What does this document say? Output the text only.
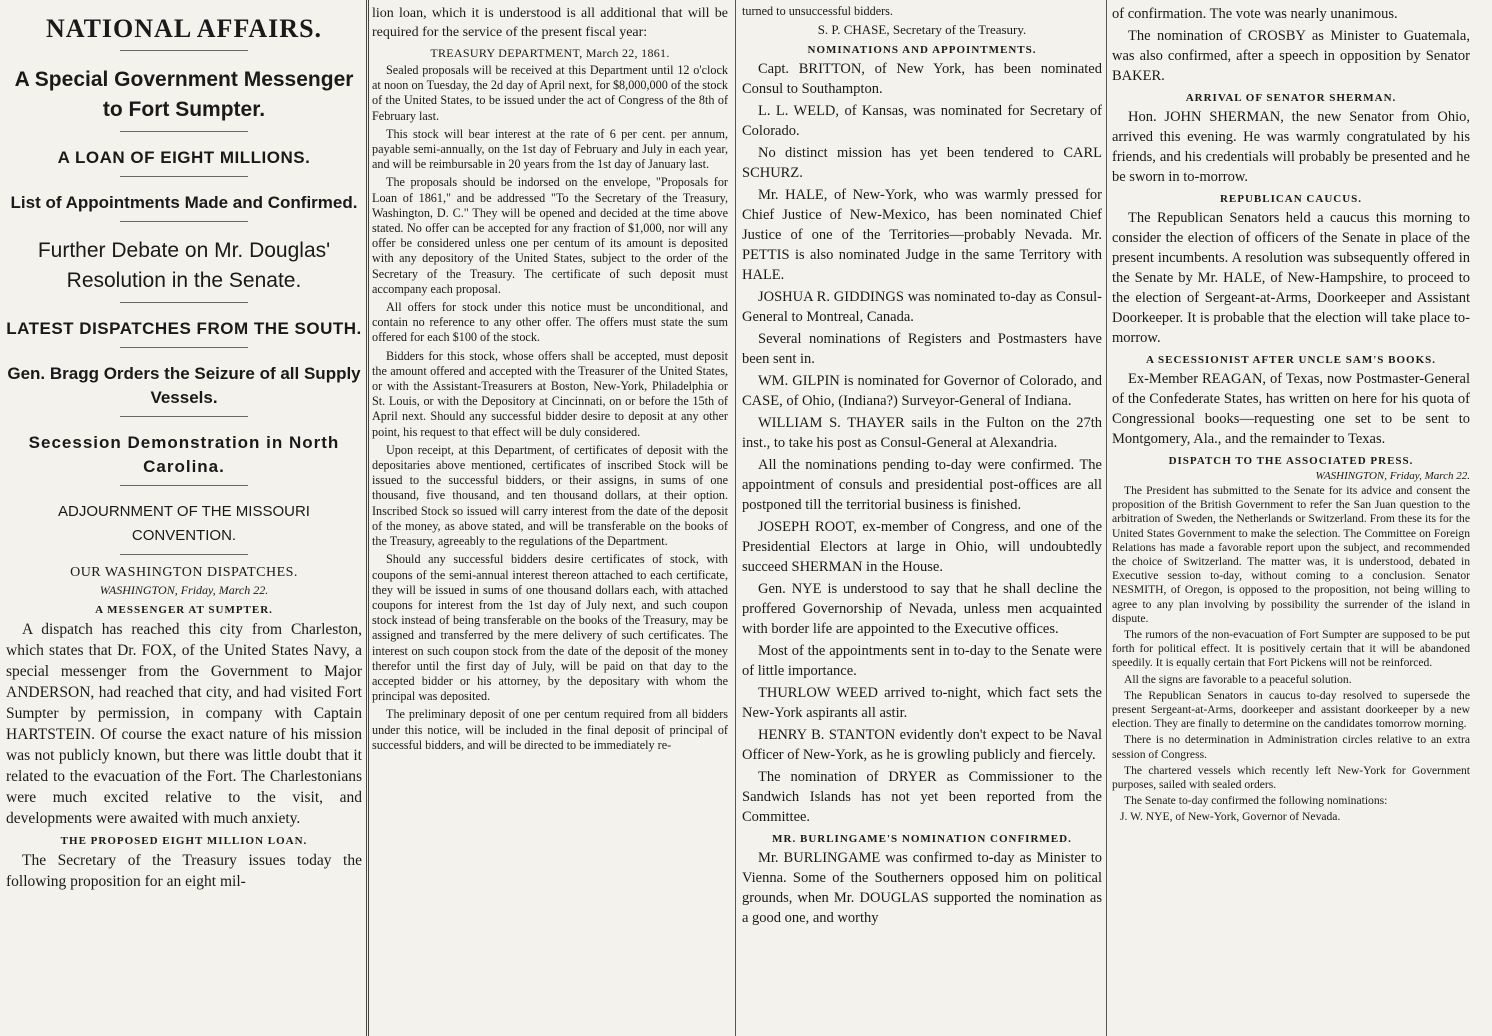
NATIONAL AFFAIRS.
A Special Government Messenger to Fort Sumpter.
A LOAN OF EIGHT MILLIONS.
List of Appointments Made and Confirmed.
Further Debate on Mr. Douglas' Resolution in the Senate.
LATEST DISPATCHES FROM THE SOUTH.
Gen. Bragg Orders the Seizure of all Supply Vessels.
Secession Demonstration in North Carolina.
ADJOURNMENT OF THE MISSOURI CONVENTION.
OUR WASHINGTON DISPATCHES.
WASHINGTON, Friday, March 22.
A MESSENGER AT SUMPTER.

A dispatch has reached this city from Charleston, which states that Dr. FOX, of the United States Navy, a special messenger from the Government to Major ANDERSON, had reached that city, and had visited Fort Sumpter by permission, in company with Captain HARTSTEIN. Of course the exact nature of his mission was not publicly known, but there was little doubt that it related to the evacuation of the Fort. The Charlestonians were much excited relative to the visit, and developments were awaited with much anxiety.

THE PROPOSED EIGHT MILLION LOAN.

The Secretary of the Treasury issues today the following proposition for an eight mil-

lion loan, which it is understood is all additional that will be required for the service of the present fiscal year:

TREASURY DEPARTMENT, March 22, 1861.

Sealed proposals will be received at this Department until 12 o'clock at noon on Tuesday, the 2d day of April next, for $8,000,000 of the stock of the United States, to be issued under the act of Congress of the 8th of February last.

This stock will bear interest at the rate of 6 per cent. per annum, payable semi-annually, on the 1st day of February and July in each year, and will be reimbursable in 20 years from the 1st day of January last.

The proposals should be indorsed on the envelope, "Proposals for Loan of 1861," and be addressed "To the Secretary of the Treasury, Washington, D. C." They will be opened and decided at the time above stated. No offer can be accepted for any fraction of $1,000, nor will any offer be considered unless one per centum of its amount is deposited with any depository of the United States, subject to the order of the Secretary of the Treasury. The certificate of such deposit must accompany each proposal.

All offers for stock under this notice must be unconditional, and contain no reference to any other offer. The offers must state the sum offered for each $100 of the stock.

Bidders for this stock, whose offers shall be accepted, must deposit the amount offered and accepted with the Treasurer of the United States, or with the Assistant-Treasurers at Boston, New-York, Philadelphia or St. Louis, or with the Depository at Cincinnati, on or before the 15th of April next. Should any successful bidder desire to deposit at any other point, his request to that effect will be duly considered.

Upon receipt, at this Department, of certificates of deposit with the depositaries above mentioned, certificates of inscribed Stock will be issued to the successful bidders, or their assigns, in sums of one thousand, five thousand, and ten thousand dollars, at their option. Inscribed Stock so issued will carry interest from the date of the deposit of the money, as above stated, and will be transferable on the books of the Treasury, agreeably to the regulations of the Department.

Should any successful bidders desire certificates of stock, with coupons of the semi-annual interest thereon attached to each certificate, they will be issued in sums of one thousand dollars each, with attached coupons for interest from the 1st day of July next, and such coupon stock instead of being transferable on the books of the Treasury, may be assigned and transferred by the mere delivery of such certificates. The interest on such coupon stock from the date of the deposit of the money therefor until the first day of July, will be paid on that day to the accepted bidder or his attorney, by the depositary with whom the principal was deposited.

The preliminary deposit of one per centum required from all bidders under this notice, will be included in the final deposit of principal of successful bidders, and will be directed to be immediately re-

turned to unsuccessful bidders.

S. P. CHASE, Secretary of the Treasury.
NOMINATIONS AND APPOINTMENTS.

Capt. BRITTON, of New York, has been nominated Consul to Southampton.

L. L. WELD, of Kansas, was nominated for Secretary of Colorado.

No distinct mission has yet been tendered to CARL SCHURZ.

Mr. HALE, of New-York, who was warmly pressed for Chief Justice of New-Mexico, has been nominated Chief Justice of one of the Territories—probably Nevada. Mr. PETTIS is also nominated Judge in the same Territory with HALE.

JOSHUA R. GIDDINGS was nominated to-day as Consul-General to Montreal, Canada.

Several nominations of Registers and Postmasters have been sent in.

WM. GILPIN is nominated for Governor of Colorado, and CASE, of Ohio, (Indiana?) Surveyor-General of Indiana.

WILLIAM S. THAYER sails in the Fulton on the 27th inst., to take his post as Consul-General at Alexandria.

All the nominations pending to-day were confirmed. The appointment of consuls and presidential post-offices are all postponed till the territorial business is finished.

JOSEPH ROOT, ex-member of Congress, and one of the Presidential Electors at large in Ohio, will undoubtedly succeed SHERMAN in the House.

Gen. NYE is understood to say that he shall decline the proffered Governorship of Nevada, unless men acquainted with border life are appointed to the Executive offices.

Most of the appointments sent in to-day to the Senate were of little importance.

THURLOW WEED arrived to-night, which fact sets the New-York aspirants all astir.

HENRY B. STANTON evidently don't expect to be Naval Officer of New-York, as he is growling publicly and fiercely.

The nomination of DRYER as Commissioner to the Sandwich Islands has not yet been reported from the Committee.

MR. BURLINGAME'S NOMINATION CONFIRMED.

Mr. BURLINGAME was confirmed to-day as Minister to Vienna. Some of the Southerners opposed him on political grounds, when Mr. DOUGLAS supported the nomination as a good one, and worthy

of confirmation. The vote was nearly unanimous.

The nomination of CROSBY as Minister to Guatemala, was also confirmed, after a speech in opposition by Senator BAKER.

ARRIVAL OF SENATOR SHERMAN.

Hon. JOHN SHERMAN, the new Senator from Ohio, arrived this evening. He was warmly congratulated by his friends, and his credentials will probably be presented and he be sworn in to-morrow.

REPUBLICAN CAUCUS.

The Republican Senators held a caucus this morning to consider the election of officers of the Senate in place of the present incumbents. A resolution was subsequently offered in the Senate by Mr. HALE, of New-Hampshire, to proceed to the election of Sergeant-at-Arms, Doorkeeper and Assistant Doorkeeper. It is probable that the election will take place to-morrow.

A SECESSIONIST AFTER UNCLE SAM'S BOOKS.

Ex-Member REAGAN, of Texas, now Postmaster-General of the Confederate States, has written on here for his quota of Congressional books—requesting one set to be sent to Montgomery, Ala., and the remainder to Texas.

DISPATCH TO THE ASSOCIATED PRESS.
WASHINGTON, Friday, March 22.

The President has submitted to the Senate for its advice and consent the proposition of the British Government to refer the San Juan question to the arbitration of Sweden, the Netherlands or Switzerland. From these its for the United States Government to make the selection. The Committee on Foreign Relations has made a favorable report upon the subject, and recommended the choice of Switzerland. The matter was, it is understood, debated in Executive session to-day, without coming to a conclusion. Senator NESMITH, of Oregon, is opposed to the proposition, not being willing to agree to any plan involving by possibility the surrender of the island in dispute.

The rumors of the non-evacuation of Fort Sumpter are supposed to be put forth for political effect. It is positively certain that it will be abandoned speedily. It is equally certain that Fort Pickens will not be reinforced.

All the signs are favorable to a peaceful solution.

The Republican Senators in caucus to-day resolved to supersede the present Sergeant-at-Arms, doorkeeper and assistant doorkeeper by a new election. They are finally to determine on the candidates tomorrow morning.

There is no determination in Administration circles relative to an extra session of Congress.

The chartered vessels which recently left New-York for Government purposes, sailed with sealed orders.

The Senate to-day confirmed the following nominations:

J. W. NYE, of New-York, Governor of Nevada.
